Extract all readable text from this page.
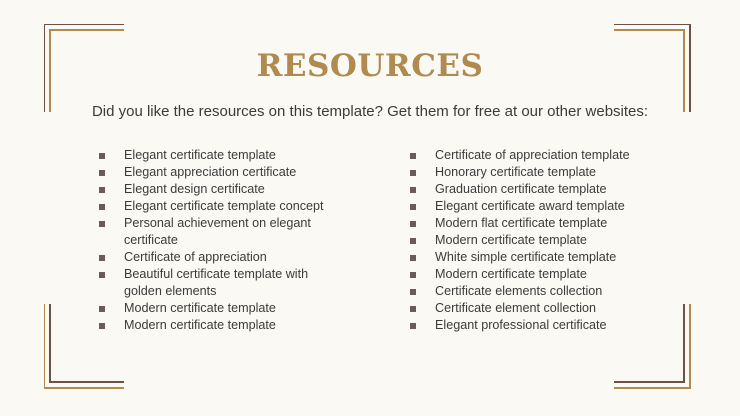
RESOURCES

Did you like the resources on this template? Get them for free at our other websites:

Elegant certificate template
Elegant appreciation certificate
Elegant design certificate
Elegant certificate template concept
Personal achievement on elegant certificate
Certificate of appreciation
Beautiful certificate template with golden elements
Modern certificate template
Modern certificate template
Certificate of appreciation template
Honorary certificate template
Graduation certificate template
Elegant certificate award template
Modern flat certificate template
Modern certificate template
White simple certificate template
Modern certificate template
Certificate elements collection
Certificate element collection
Elegant professional certificate
